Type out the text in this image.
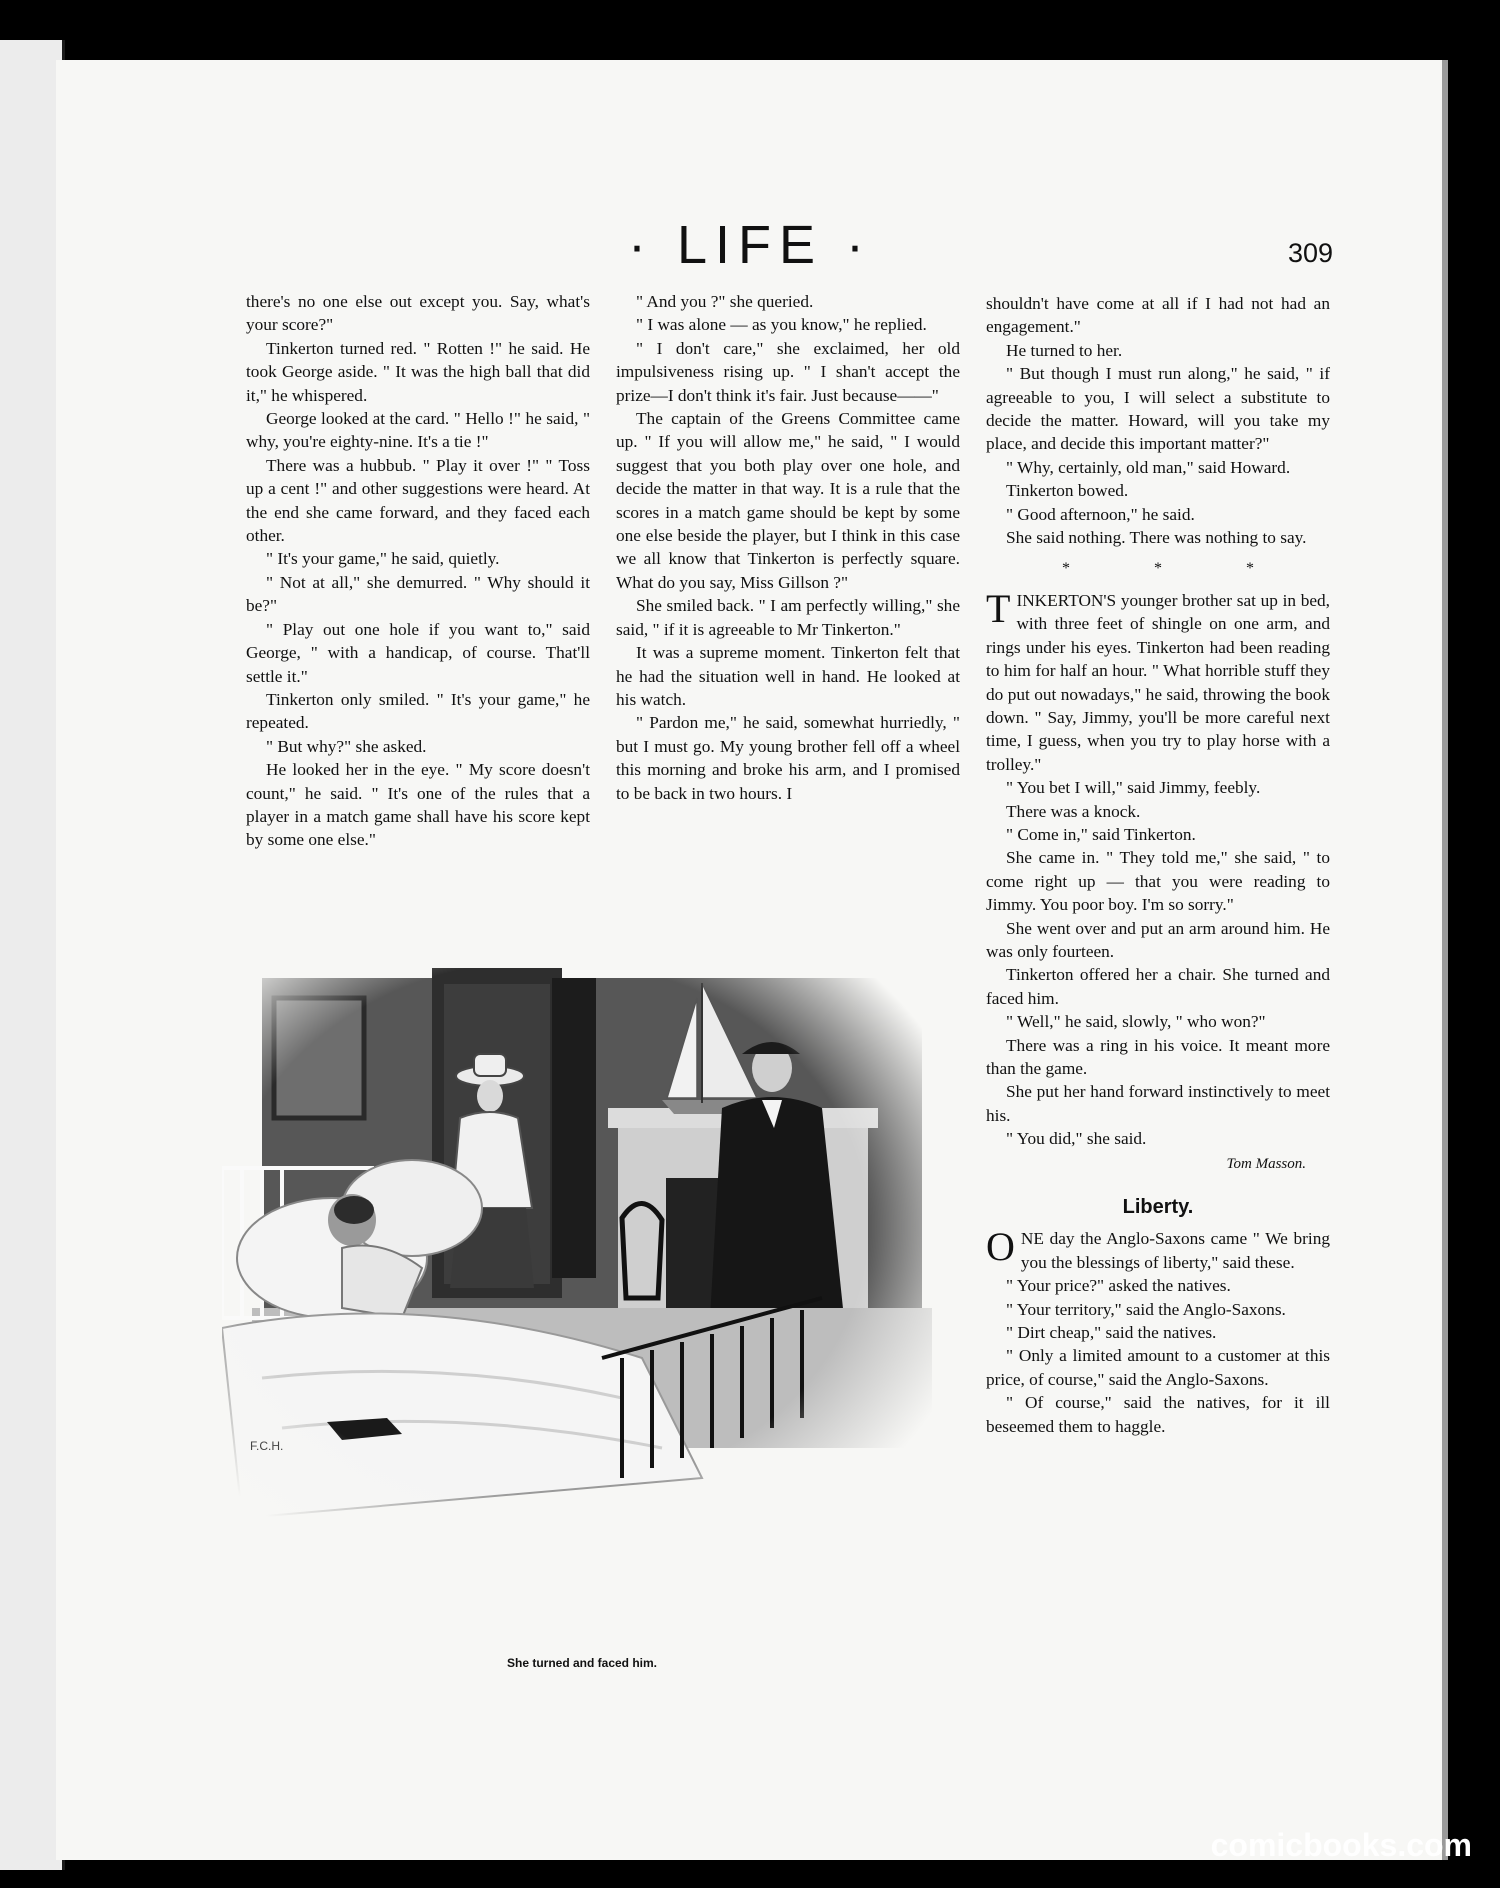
· LIFE ·	309

there's no one else out except you. Say, what's your score?"

Tinkerton turned red. " Rotten !" he said. He took George aside. " It was the high ball that did it," he whispered.

George looked at the card. " Hello !" he said, " why, you're eighty-nine. It's a tie !"

There was a hubbub. " Play it over !" " Toss up a cent !" and other suggestions were heard. At the end she came forward, and they faced each other.

" It's your game," he said, quietly.

" Not at all," she demurred. " Why should it be?"

" Play out one hole if you want to," said George, " with a handicap, of course. That'll settle it."

Tinkerton only smiled. " It's your game," he repeated.

" But why?" she asked.

He looked her in the eye. " My score doesn't count," he said. " It's one of the rules that a player in a match game shall have his score kept by some one else."

" And you ?" she queried.

" I was alone — as you know," he replied.

" I don't care," she exclaimed, her old impulsiveness rising up. " I shan't accept the prize—I don't think it's fair. Just because——"

The captain of the Greens Committee came up. " If you will allow me," he said, " I would suggest that you both play over one hole, and decide the matter in that way. It is a rule that the scores in a match game should be kept by some one else beside the player, but I think in this case we all know that Tinkerton is perfectly square. What do you say, Miss Gillson ?"

She smiled back. " I am perfectly willing," she said, " if it is agreeable to Mr Tinkerton."

It was a supreme moment. Tinkerton felt that he had the situation well in hand. He looked at his watch.

" Pardon me," he said, somewhat hurriedly, " but I must go. My young brother fell off a wheel this morning and broke his arm, and I promised to be back in two hours. I

shouldn't have come at all if I had not had an engagement."

He turned to her.

" But though I must run along," he said, " if agreeable to you, I will select a substitute to decide the matter. Howard, will you take my place, and decide this important matter?"

" Why, certainly, old man," said Howard.

Tinkerton bowed.

" Good afternoon," he said.

She said nothing. There was nothing to say.

* * *

TINKERTON'S younger brother sat up in bed, with three feet of shingle on one arm, and rings under his eyes. Tinkerton had been reading to him for half an hour. " What horrible stuff they do put out nowadays," he said, throwing the book down. " Say, Jimmy, you'll be more careful next time, I guess, when you try to play horse with a trolley."

" You bet I will," said Jimmy, feebly.

There was a knock.

" Come in," said Tinkerton.

She came in. " They told me," she said, " to come right up — that you were reading to Jimmy. You poor boy. I'm so sorry."

She went over and put an arm around him. He was only fourteen.

Tinkerton offered her a chair. She turned and faced him.

" Well," he said, slowly, " who won?"

There was a ring in his voice. It meant more than the game.

She put her hand forward instinctively to meet his.

" You did," she said.

Tom Masson.
Liberty.

ONE day the Anglo-Saxons came " We bring you the blessings of liberty," said these.

" Your price?" asked the natives.

" Your territory," said the Anglo-Saxons.

" Dirt cheap," said the natives.

" Only a limited amount to a customer at this price, of course," said the Anglo-Saxons.

" Of course," said the natives, for it ill beseemed them to haggle.

F.C.H.
She turned and faced him.
comicbooks.com
